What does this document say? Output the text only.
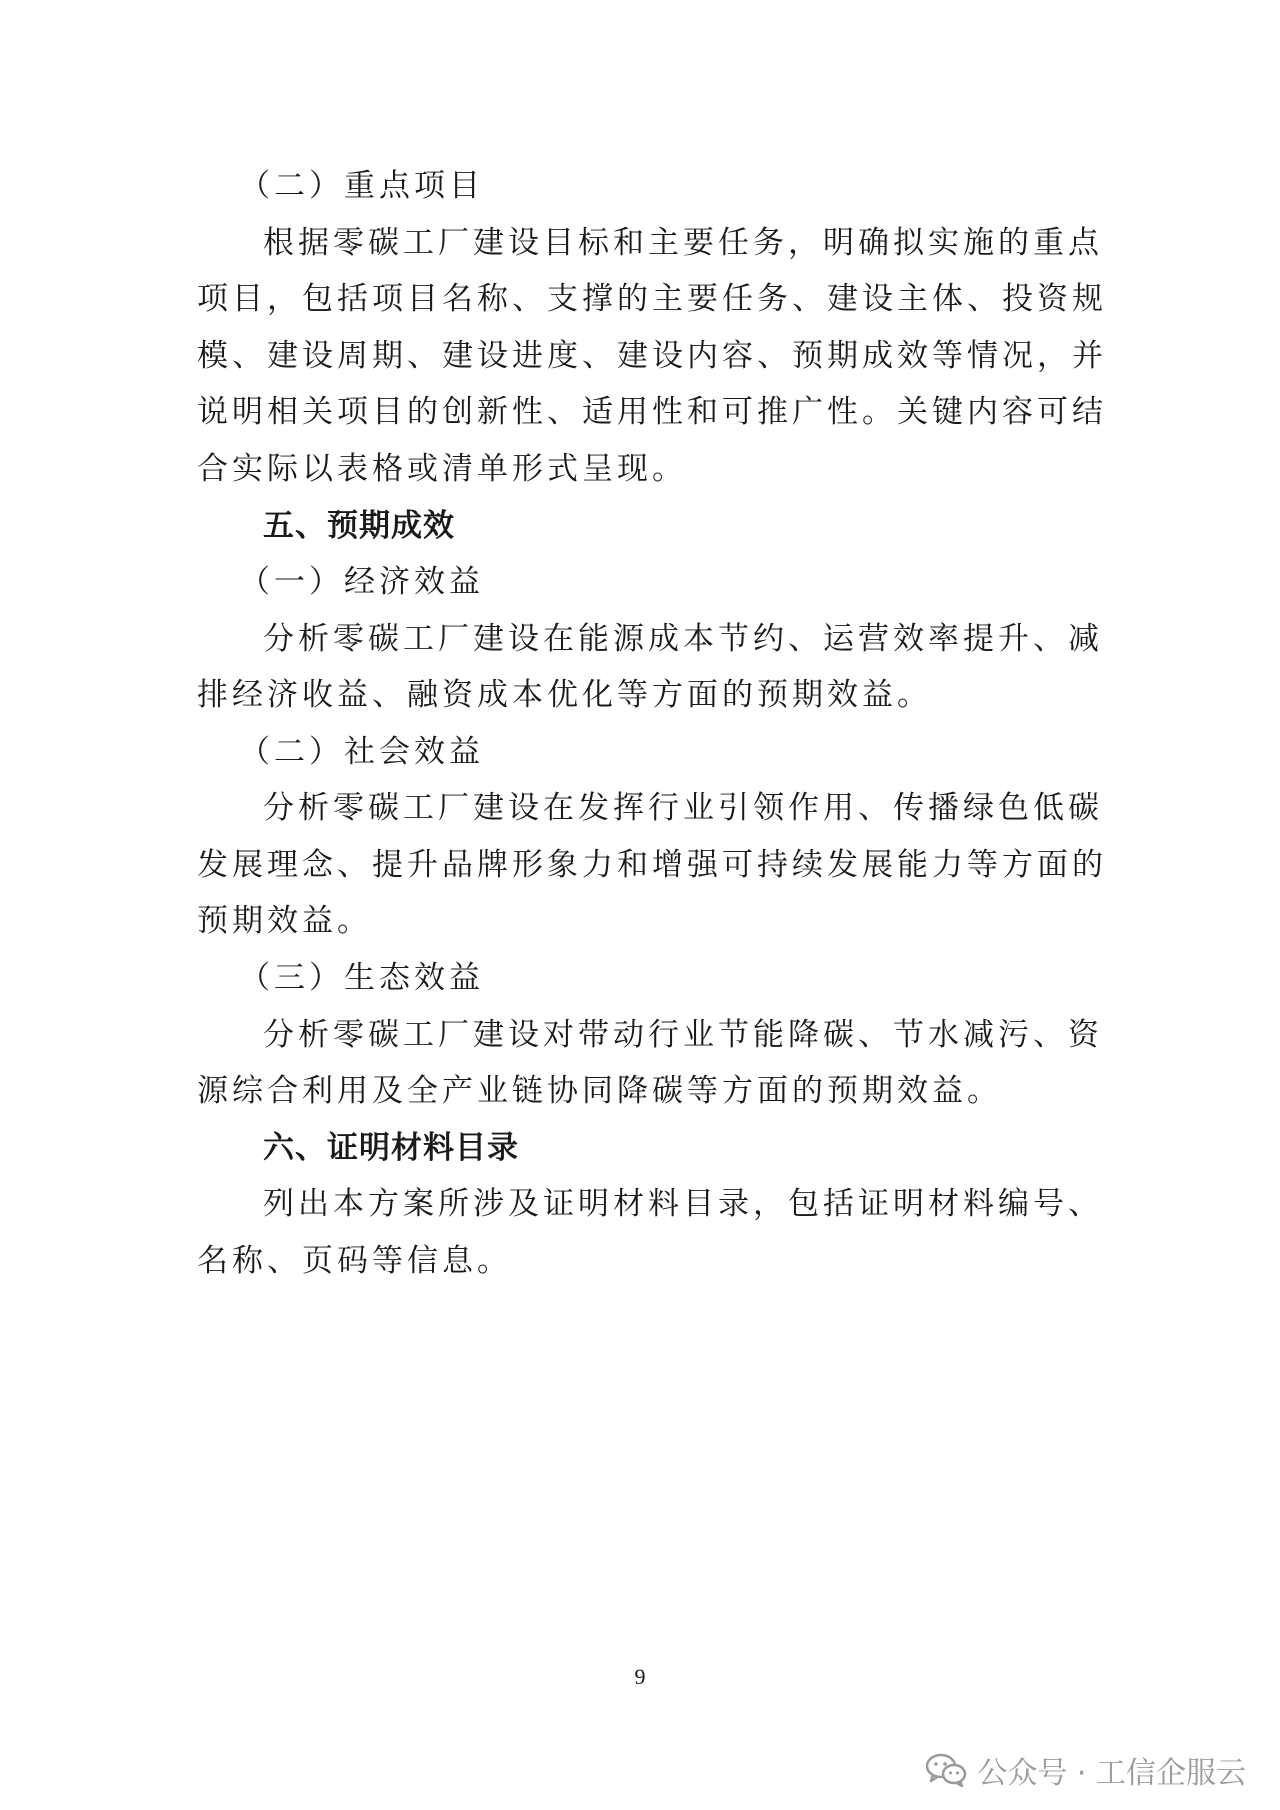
（二）重点项目
根据零碳工厂建设目标和主要任务，明确拟实施的重点
项目，包括项目名称、支撑的主要任务、建设主体、投资规
模、建设周期、建设进度、建设内容、预期成效等情况，并
说明相关项目的创新性、适用性和可推广性。关键内容可结
合实际以表格或清单形式呈现。
五、预期成效
（一）经济效益
分析零碳工厂建设在能源成本节约、运营效率提升、减
排经济收益、融资成本优化等方面的预期效益。
（二）社会效益
分析零碳工厂建设在发挥行业引领作用、传播绿色低碳
发展理念、提升品牌形象力和增强可持续发展能力等方面的
预期效益。
（三）生态效益
分析零碳工厂建设对带动行业节能降碳、节水减污、资
源综合利用及全产业链协同降碳等方面的预期效益。
六、证明材料目录
列出本方案所涉及证明材料目录，包括证明材料编号、
名称、页码等信息。
9
公众号 · 工信企服云
